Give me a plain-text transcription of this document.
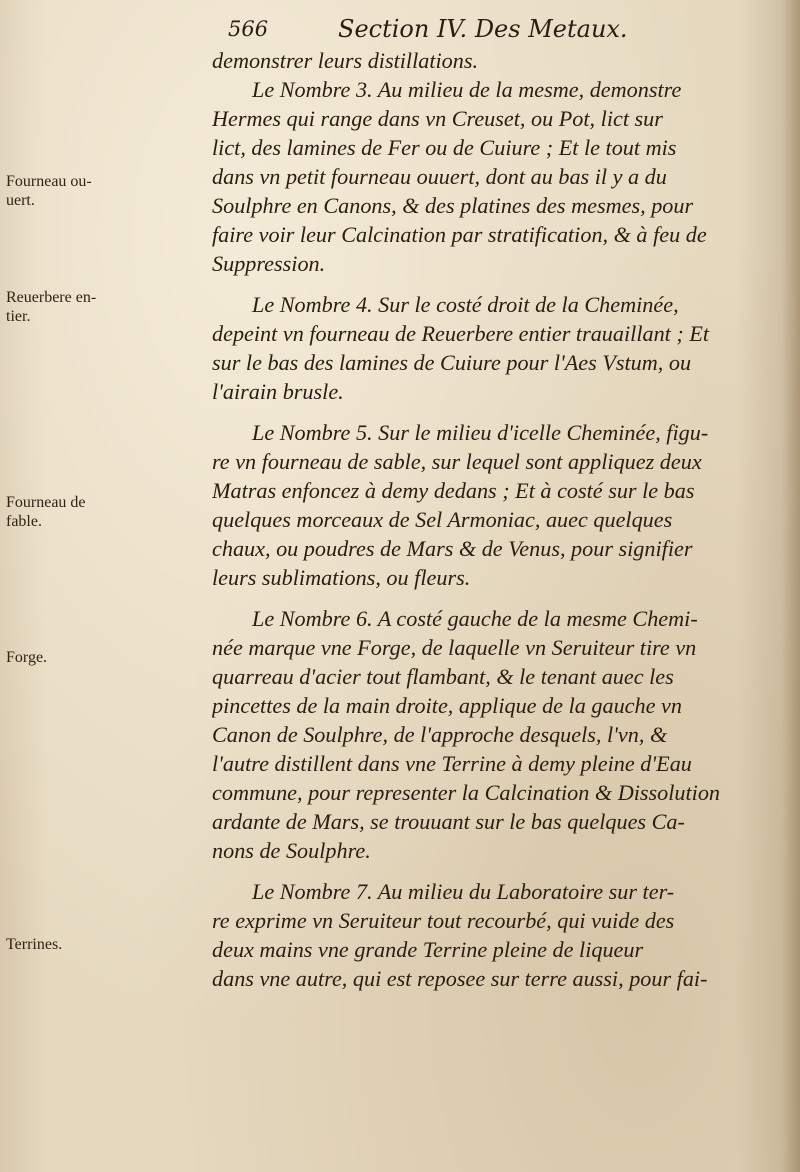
566	Section IV. Des Metaux.
Fourneau ou-
uert.
Reuerbere en-
tier.
Fourneau de
fable.
Forge.
Terrines.
demonstrer leurs distillations.
Le Nombre 3. Au milieu de la mesme, demonstre
Hermes qui range dans vn Creuset, ou Pot, lict sur
lict, des lamines de Fer ou de Cuiure ; Et le tout mis
dans vn petit fourneau ouuert, dont au bas il y a du
Soulphre en Canons, & des platines des mesmes, pour
faire voir leur Calcination par stratification, & à feu de
Suppression.
Le Nombre 4. Sur le costé droit de la Cheminée,
depeint vn fourneau de Reuerbere entier trauaillant ; Et
sur le bas des lamines de Cuiure pour l'Aes Vstum, ou
l'airain brusle.
Le Nombre 5. Sur le milieu d'icelle Cheminée, figu-
re vn fourneau de sable, sur lequel sont appliquez deux
Matras enfoncez à demy dedans ; Et à costé sur le bas
quelques morceaux de Sel Armoniac, auec quelques
chaux, ou poudres de Mars & de Venus, pour signifier
leurs sublimations, ou fleurs.
Le Nombre 6. A costé gauche de la mesme Chemi-
née marque vne Forge, de laquelle vn Seruiteur tire vn
quarreau d'acier tout flambant, & le tenant auec les
pincettes de la main droite, applique de la gauche vn
Canon de Soulphre, de l'approche desquels, l'vn, &
l'autre distillent dans vne Terrine à demy pleine d'Eau
commune, pour representer la Calcination & Dissolution
ardante de Mars, se trouuant sur le bas quelques Ca-
nons de Soulphre.
Le Nombre 7. Au milieu du Laboratoire sur ter-
re exprime vn Seruiteur tout recourbé, qui vuide des
deux mains vne grande Terrine pleine de liqueur
dans vne autre, qui est reposee sur terre aussi, pour fai-
